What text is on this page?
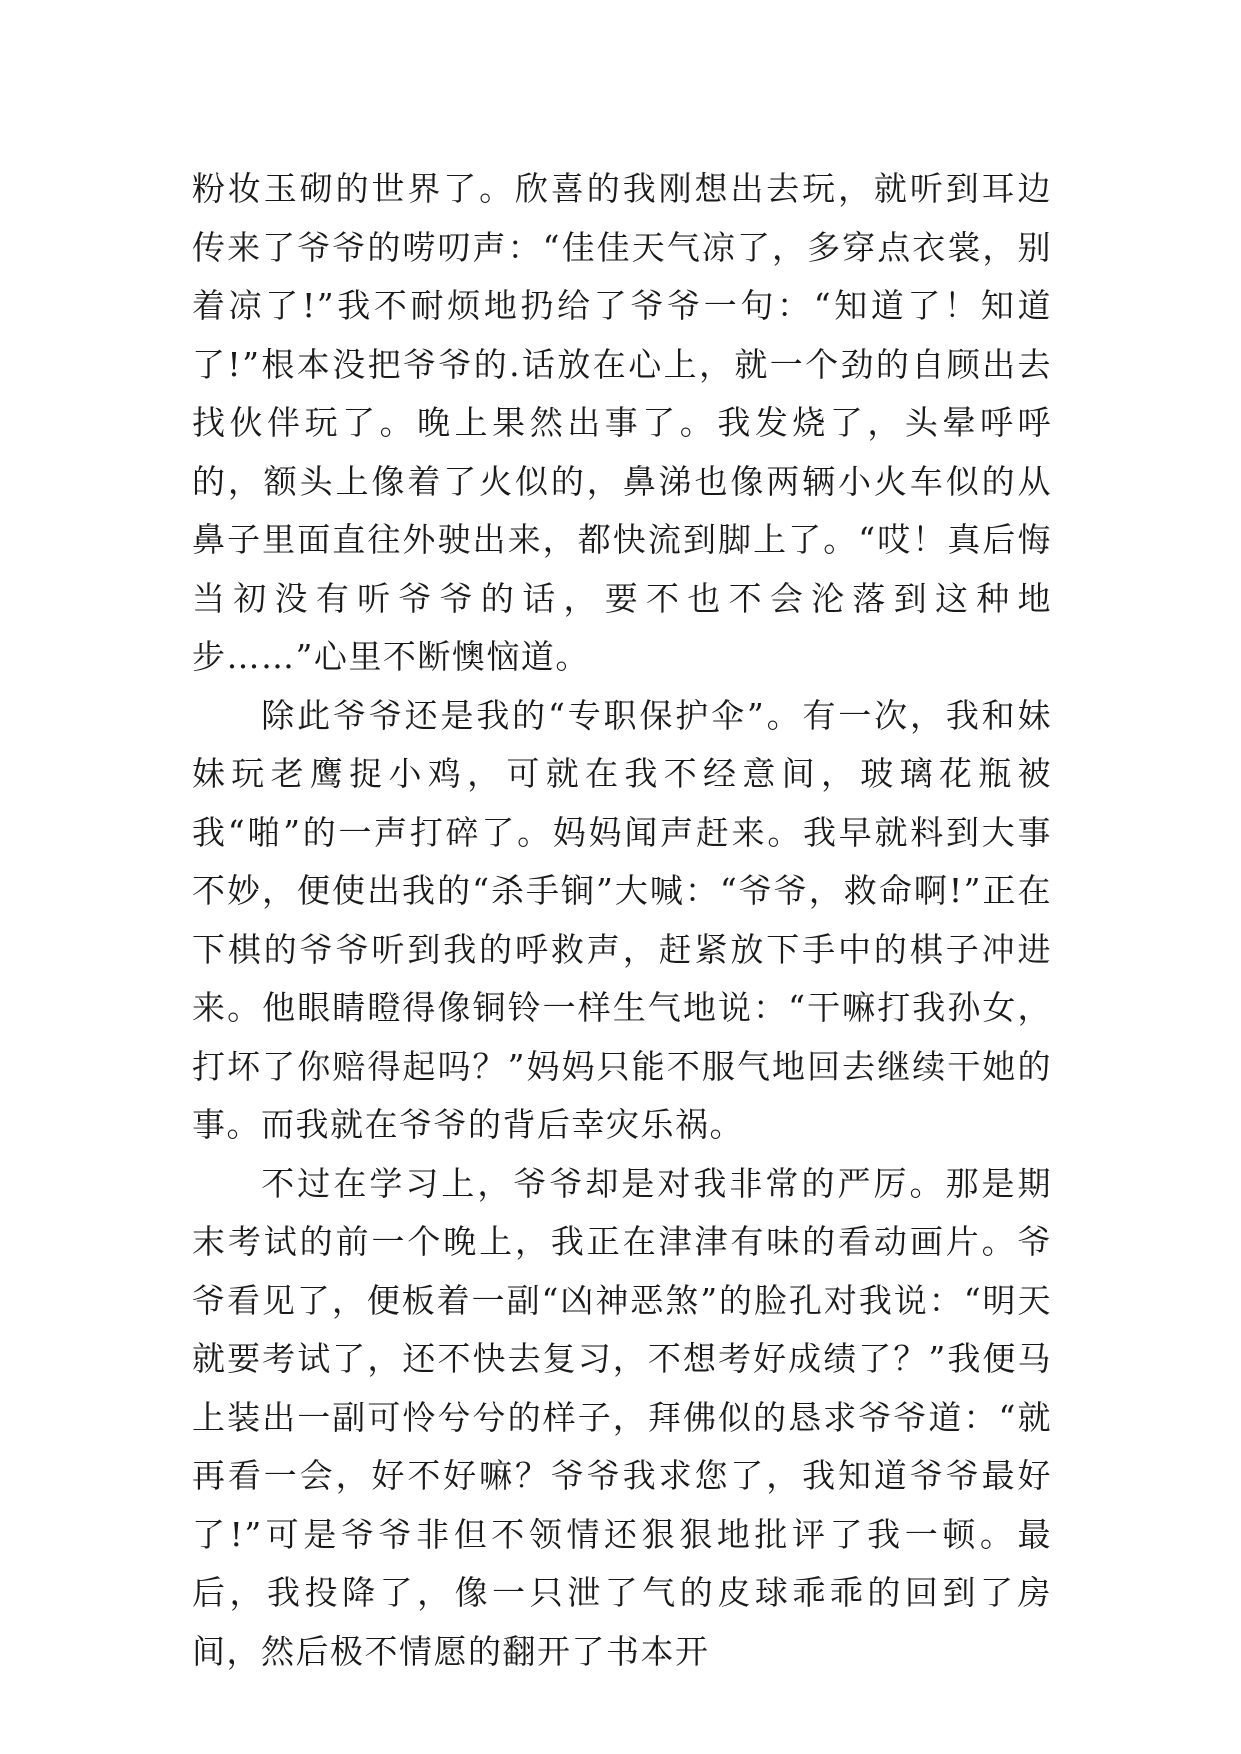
粉妆玉砌的世界了。欣喜的我刚想出去玩，就听到耳边传来了爷爷的唠叨声：“佳佳天气凉了，多穿点衣裳，别着凉了!”我不耐烦地扔给了爷爷一句：“知道了！知道了!”根本没把爷爷的.话放在心上，就一个劲的自顾出去找伙伴玩了。晚上果然出事了。我发烧了，头晕呼呼的，额头上像着了火似的，鼻涕也像两辆小火车似的从鼻子里面直往外驶出来，都快流到脚上了。“哎！真后悔当初没有听爷爷的话，要不也不会沦落到这种地步……”心里不断懊恼道。

除此爷爷还是我的“专职保护伞”。有一次，我和妹妹玩老鹰捉小鸡，可就在我不经意间，玻璃花瓶被我“啪”的一声打碎了。妈妈闻声赶来。我早就料到大事不妙，便使出我的“杀手锏”大喊：“爷爷，救命啊!”正在下棋的爷爷听到我的呼救声，赶紧放下手中的棋子冲进来。他眼睛瞪得像铜铃一样生气地说：“干嘛打我孙女，打坏了你赔得起吗？”妈妈只能不服气地回去继续干她的事。而我就在爷爷的背后幸灾乐祸。

不过在学习上，爷爷却是对我非常的严厉。那是期末考试的前一个晚上，我正在津津有味的看动画片。爷爷看见了，便板着一副“凶神恶煞”的脸孔对我说：“明天就要考试了，还不快去复习，不想考好成绩了？”我便马上装出一副可怜兮兮的样子，拜佛似的恳求爷爷道：“就再看一会，好不好嘛？爷爷我求您了，我知道爷爷最好了!”可是爷爷非但不领情还狠狠地批评了我一顿。最后，我投降了，像一只泄了气的皮球乖乖的回到了房间，然后极不情愿的翻开了书本开
